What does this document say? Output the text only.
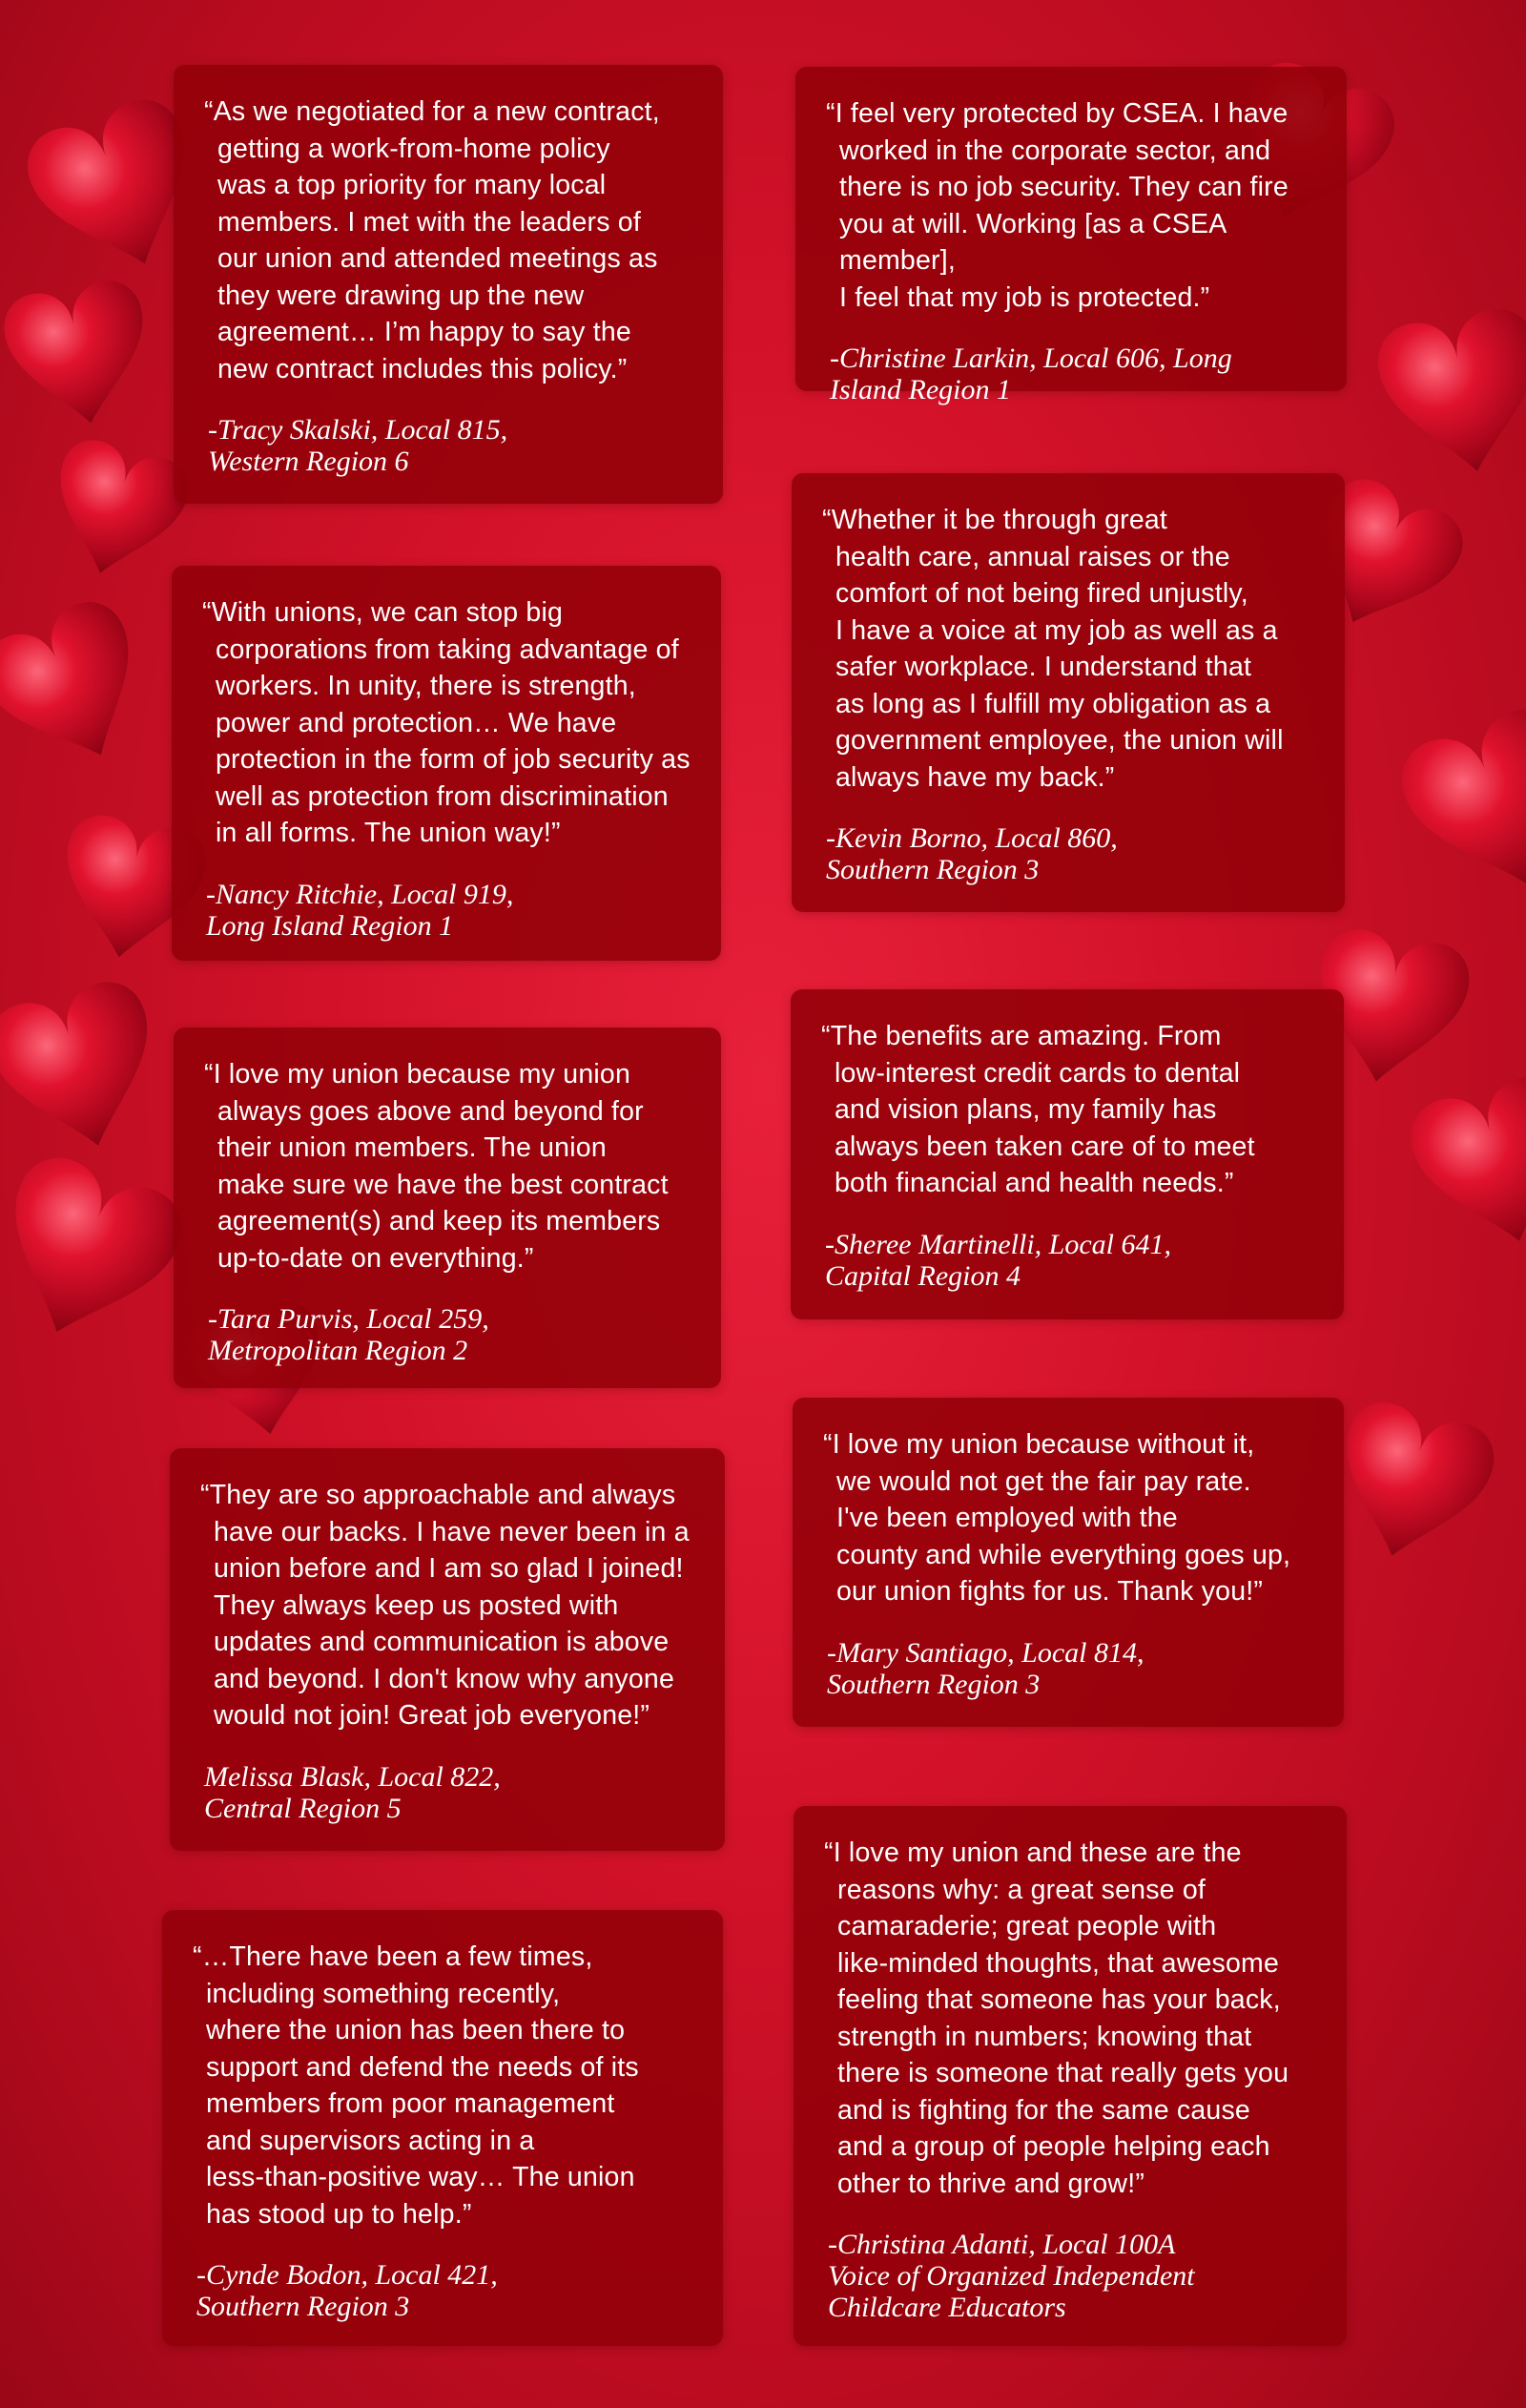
“As we negotiated for a new contract,
getting a work-from-home policy
was a top priority for many local
members. I met with the leaders of
our union and attended meetings as
they were drawing up the new
agreement… I’m happy to say the
new contract includes this policy.”

-Tracy Skalski, Local 815,
Western Region 6

“I feel very protected by CSEA. I have
worked in the corporate sector, and
there is no job security. They can fire
you at will. Working [as a CSEA member],
I feel that my job is protected.”

-Christine Larkin, Local 606, Long
Island Region 1

“With unions, we can stop big
corporations from taking advantage of
workers. In unity, there is strength,
power and protection… We have
protection in the form of job security as
well as protection from discrimination
in all forms. The union way!”

-Nancy Ritchie, Local 919,
Long Island Region 1

“Whether it be through great
health care, annual raises or the
comfort of not being fired unjustly,
I have a voice at my job as well as a
safer workplace. I understand that
as long as I fulfill my obligation as a
government employee, the union will
always have my back.”

-Kevin Borno, Local 860,
Southern Region 3

“I love my union because my union
always goes above and beyond for
their union members. The union
make sure we have the best contract
agreement(s) and keep its members
up-to-date on everything.”

-Tara Purvis, Local 259,
Metropolitan Region 2

“The benefits are amazing. From
low-interest credit cards to dental
and vision plans, my family has
always been taken care of to meet
both financial and health needs.”

-Sheree Martinelli, Local 641,
Capital Region 4

“They are so approachable and always
have our backs. I have never been in a
union before and I am so glad I joined!
They always keep us posted with
updates and communication is above
and beyond. I don't know why anyone
would not join! Great job everyone!”

Melissa Blask, Local 822,
Central Region 5

“I love my union because without it,
we would not get the fair pay rate.
I've been employed with the
county and while everything goes up,
our union fights for us. Thank you!”

-Mary Santiago, Local 814,
Southern Region 3

“…There have been a few times,
including something recently,
where the union has been there to
support and defend the needs of its
members from poor management
and supervisors acting in a
less-than-positive way… The union
has stood up to help.”

-Cynde Bodon, Local 421,
Southern Region 3

“I love my union and these are the
reasons why: a great sense of
camaraderie; great people with
like-minded thoughts, that awesome
feeling that someone has your back,
strength in numbers; knowing that
there is someone that really gets you
and is fighting for the same cause
and a group of people helping each
other to thrive and grow!”

-Christina Adanti, Local 100A
Voice of Organized Independent
Childcare Educators
